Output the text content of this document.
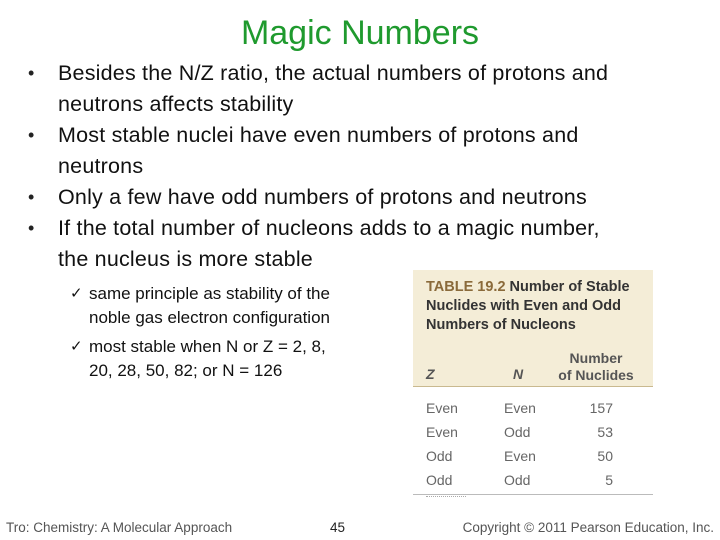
Magic Numbers
• Besides the N/Z ratio, the actual numbers of protons and
neutrons affects stability
• Most stable nuclei have even numbers of protons and
neutrons
• Only a few have odd numbers of protons and neutrons
• If the total number of nucleons adds to a magic number,
the nucleus is more stable
✓ same principle as stability of the
noble gas electron configuration
✓ most stable when N or Z = 2, 8,
20, 28, 50, 82; or N = 126
TABLE 19.2 Number of Stable
Nuclides with Even and Odd
Numbers of Nucleons
Z	N
Number
of Nuclides
Even	Even	157
Even	Odd	53
Odd	Even	50
Odd	Odd	5
Tro: Chemistry: A Molecular Approach	45	Copyright © 2011 Pearson Education, Inc.
